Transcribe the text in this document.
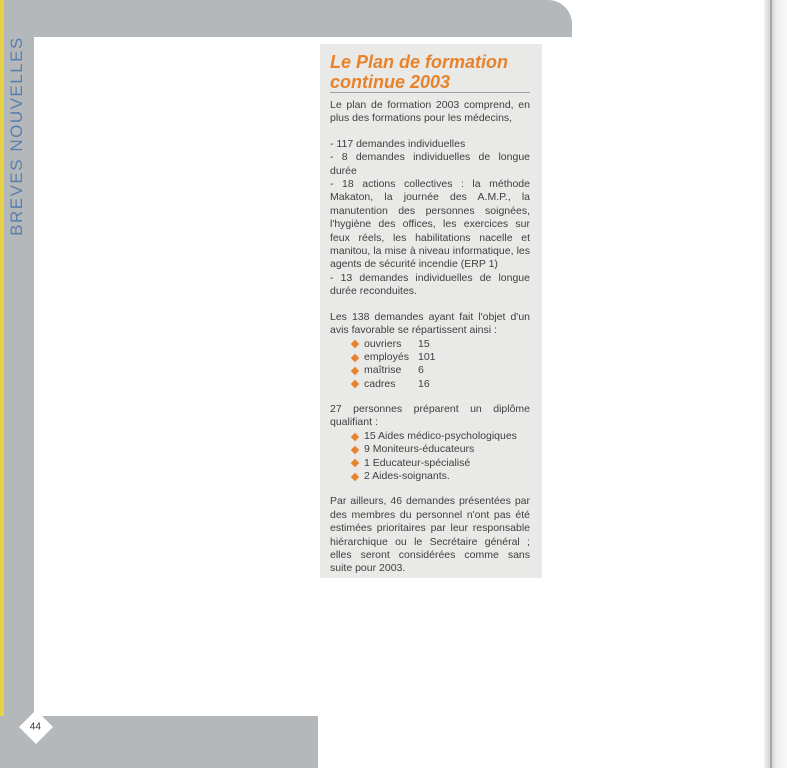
BREVES NOUVELLES
44
Le Plan de formation continue 2003

Le plan de formation 2003 comprend, en plus des formations pour les médecins,

- 117 demandes individuelles

- 8 demandes individuelles de longue durée

- 18 actions collectives : la méthode Makaton, la journée des A.M.P., la manutention des personnes soignées, l'hygiène des offices, les exercices sur feux réels, les habilitations nacelle et manitou, la mise à niveau informatique, les agents de sécurité incendie (ERP 1)

- 13 demandes individuelles de longue durée reconduites.

Les 138 demandes ayant fait l'objet d'un avis favorable se répartissent ainsi :

ouvriers	15
employés 101
maîtrise	6
cadres	16

27 personnes préparent un diplôme qualifiant :

15 Aides médico-psychologiques
9 Moniteurs-éducateurs
1 Educateur-spécialisé
2 Aides-soignants.

Par ailleurs, 46 demandes présentées par des membres du personnel n'ont pas été estimées prioritaires par leur responsable hiérarchique ou le Secrétaire général ; elles seront considérées comme sans suite pour 2003.
